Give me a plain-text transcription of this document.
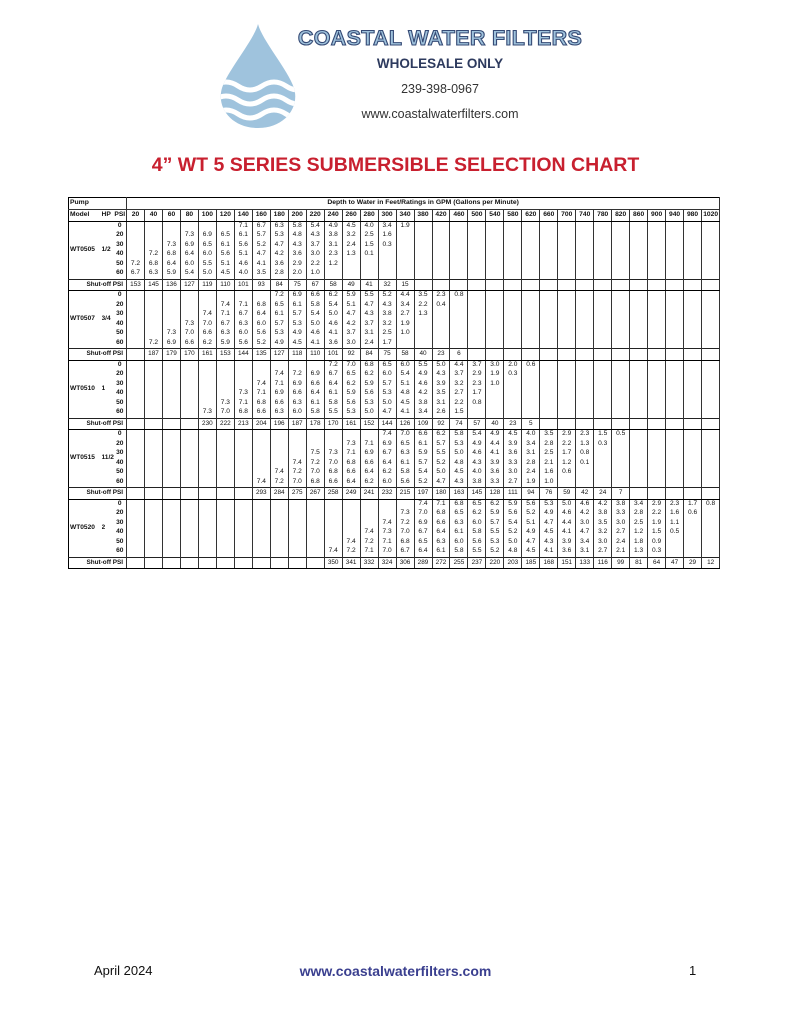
COASTAL WATER FILTERS
WHOLESALE ONLY
239-398-0967
www.coastalwaterfilters.com
4” WT 5 SERIES SUBMERSIBLE SELECTION CHART
Pump			Depth to Water in Feet/Ratings in GPM (Gallons per Minute)																																
Model	HP	PSI	20	40	60	80	100	120	140	160	180	200	220	240	260	280	300	340	380	420	460	500	540	580	620	660	700	740	780	820	860	900	940	980	1020
WT0505	1/2	0							7.1	6.7	6.3	5.8	5.4	4.9	4.5	4.0	3.4	1.9																	
		20				7.3	6.9	6.5	6.1	5.7	5.3	4.8	4.3	3.8	3.2	2.5	1.6																		
		30			7.3	6.9	6.5	6.1	5.6	5.2	4.7	4.3	3.7	3.1	2.4	1.5	0.3																		
		40		7.2	6.8	6.4	6.0	5.6	5.1	4.7	4.2	3.6	3.0	2.3	1.3	0.1																			
		50	7.2	6.8	6.4	6.0	5.5	5.1	4.6	4.1	3.6	2.9	2.2	1.2																					
		60	6.7	6.3	5.9	5.4	5.0	4.5	4.0	3.5	2.8	2.0	1.0																						
Shut-off PSI			153	145	136	127	119	110	101	93	84	75	67	58	49	41	32	15																	
WT0507	3/4	0									7.2	6.9	6.6	6.2	5.9	5.5	5.2	4.4	3.5	2.3	0.8														
		20						7.4	7.1	6.8	6.5	6.1	5.8	5.4	5.1	4.7	4.3	3.4	2.2	0.4															
		30					7.4	7.1	6.7	6.4	6.1	5.7	5.4	5.0	4.7	4.3	3.8	2.7	1.3																
		40				7.3	7.0	6.7	6.3	6.0	5.7	5.3	5.0	4.6	4.2	3.7	3.2	1.9																	
		50			7.3	7.0	6.6	6.3	6.0	5.6	5.3	4.9	4.6	4.1	3.7	3.1	2.5	1.0																	
		60		7.2	6.9	6.6	6.2	5.9	5.6	5.2	4.9	4.5	4.1	3.6	3.0	2.4	1.7																		
Shut-off PSI				187	179	170	161	153	144	135	127	118	110	101	92	84	75	58	40	23	6														
WT0510	1	0												7.2	7.0	6.8	6.5	6.0	5.5	5.0	4.4	3.7	3.0	2.0	0.6										
		20									7.4	7.2	6.9	6.7	6.5	6.2	6.0	5.4	4.9	4.3	3.7	2.9	1.9	0.3											
		30								7.4	7.1	6.9	6.6	6.4	6.2	5.9	5.7	5.1	4.6	3.9	3.2	2.3	1.0												
		40							7.3	7.1	6.9	6.6	6.4	6.1	5.9	5.6	5.3	4.8	4.2	3.5	2.7	1.7													
		50						7.3	7.1	6.8	6.6	6.3	6.1	5.8	5.6	5.3	5.0	4.5	3.8	3.1	2.2	0.8													
		60					7.3	7.0	6.8	6.6	6.3	6.0	5.8	5.5	5.3	5.0	4.7	4.1	3.4	2.6	1.5														
Shut-off PSI							230	222	213	204	196	187	178	170	161	152	144	126	109	92	74	57	40	23	5										
WT0515	11/2	0															7.4	7.0	6.6	6.2	5.8	5.4	4.9	4.5	4.0	3.5	2.9	2.3	1.5	0.5					
		20													7.3	7.1	6.9	6.5	6.1	5.7	5.3	4.9	4.4	3.9	3.4	2.8	2.2	1.3	0.3						
		30											7.5	7.3	7.1	6.9	6.7	6.3	5.9	5.5	5.0	4.6	4.1	3.6	3.1	2.5	1.7	0.8							
		40										7.4	7.2	7.0	6.8	6.6	6.4	6.1	5.7	5.2	4.8	4.3	3.9	3.3	2.8	2.1	1.2	0.1							
		50									7.4	7.2	7.0	6.8	6.6	6.4	6.2	5.8	5.4	5.0	4.5	4.0	3.6	3.0	2.4	1.6	0.6								
		60								7.4	7.2	7.0	6.8	6.6	6.4	6.2	6.0	5.6	5.2	4.7	4.3	3.8	3.3	2.7	1.9	1.0									
Shut-off PSI										293	284	275	267	258	249	241	232	215	197	180	163	145	128	111	94	76	59	42	24	7					
WT0520	2	0																	7.4	7.1	6.8	6.5	6.2	5.9	5.6	5.3	5.0	4.6	4.2	3.8	3.4	2.9	2.3	1.7	0.8
		20																7.3	7.0	6.8	6.5	6.2	5.9	5.6	5.2	4.9	4.6	4.2	3.8	3.3	2.8	2.2	1.6	0.6	
		30															7.4	7.2	6.9	6.6	6.3	6.0	5.7	5.4	5.1	4.7	4.4	3.0	3.5	3.0	2.5	1.9	1.1		
		40														7.4	7.3	7.0	6.7	6.4	6.1	5.8	5.5	5.2	4.9	4.5	4.1	4.7	3.2	2.7	1.2	1.5	0.5		
		50													7.4	7.2	7.1	6.8	6.5	6.3	6.0	5.6	5.3	5.0	4.7	4.3	3.9	3.4	3.0	2.4	1.8	0.9			
		60												7.4	7.2	7.1	7.0	6.7	6.4	6.1	5.8	5.5	5.2	4.8	4.5	4.1	3.6	3.1	2.7	2.1	1.3	0.3			
Shut-off PSI														350	341	332	324	306	289	272	255	237	220	203	185	168	151	133	116	99	81	64	47	29	12
April 2024	www.coastalwaterfilters.com	1
